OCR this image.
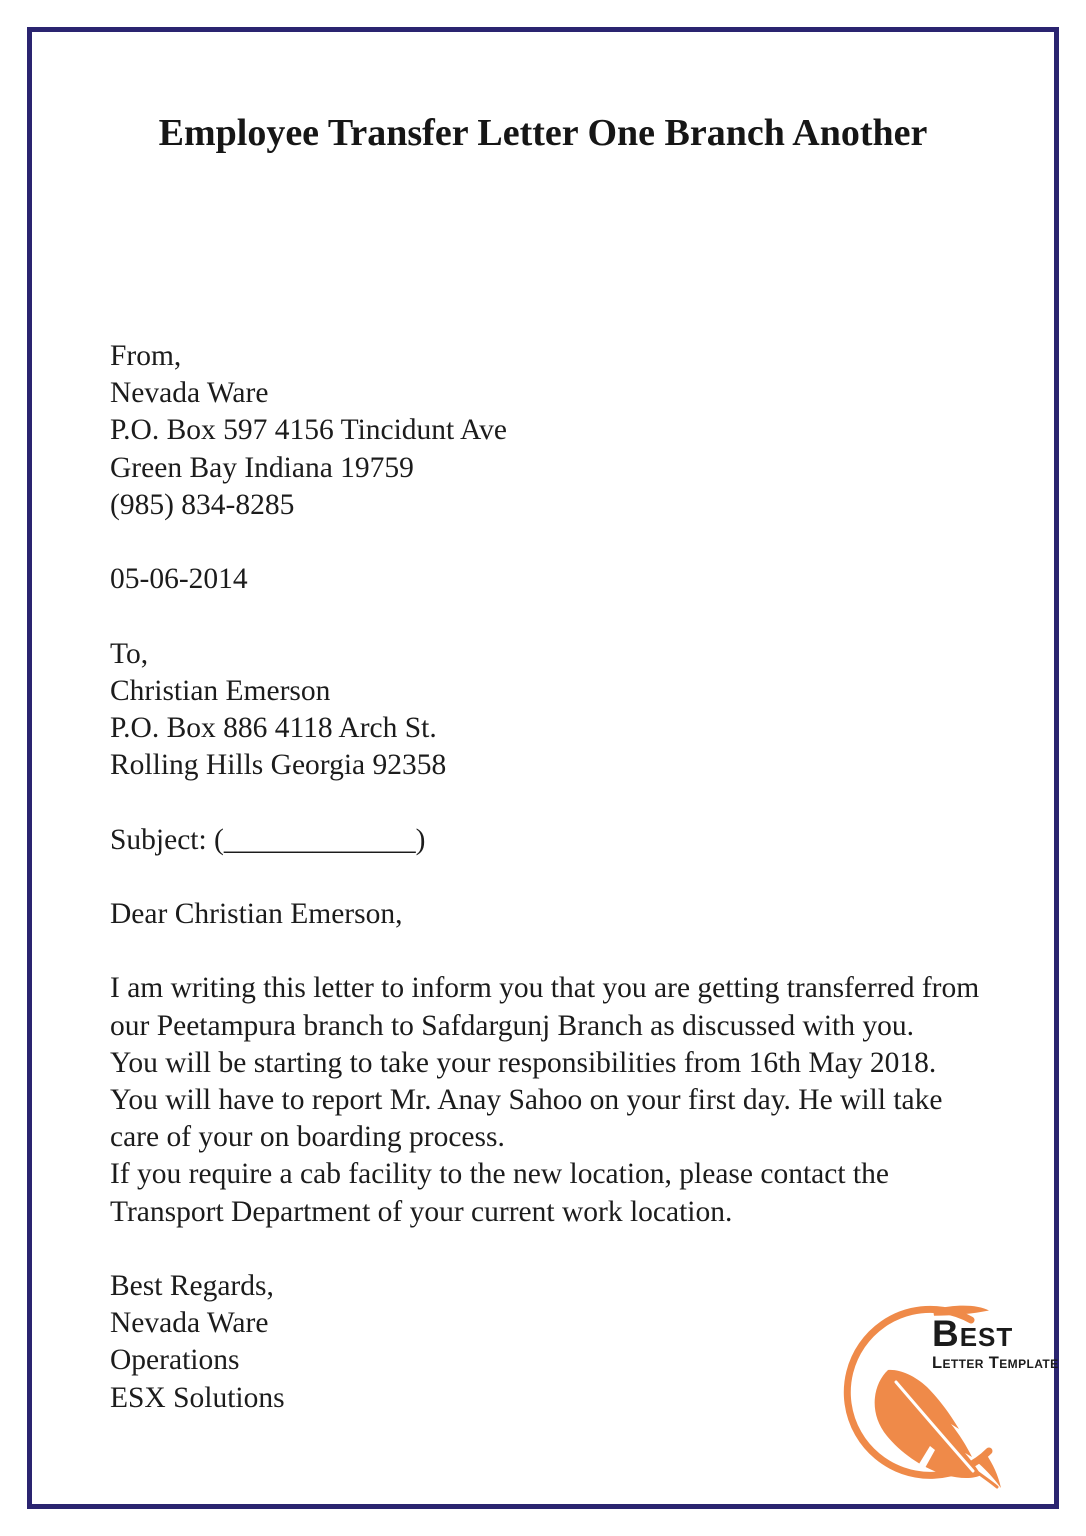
Employee Transfer Letter One Branch Another
From,
Nevada Ware
P.O. Box 597 4156 Tincidunt Ave
Green Bay Indiana 19759
(985) 834-8285
05-06-2014
To,
Christian Emerson
P.O. Box 886 4118 Arch St.
Rolling Hills Georgia 92358
Subject: (_____________)
Dear Christian Emerson,
I am writing this letter to inform you that you are getting transferred from
our Peetampura branch to Safdargunj Branch as discussed with you.
You will be starting to take your responsibilities from 16th May 2018.
You will have to report Mr. Anay Sahoo on your first day. He will take
care of your on boarding process.
If you require a cab facility to the new location, please contact the
Transport Department of your current work location.
Best Regards,
Nevada Ware
Operations
ESX Solutions
Best
Letter Template
